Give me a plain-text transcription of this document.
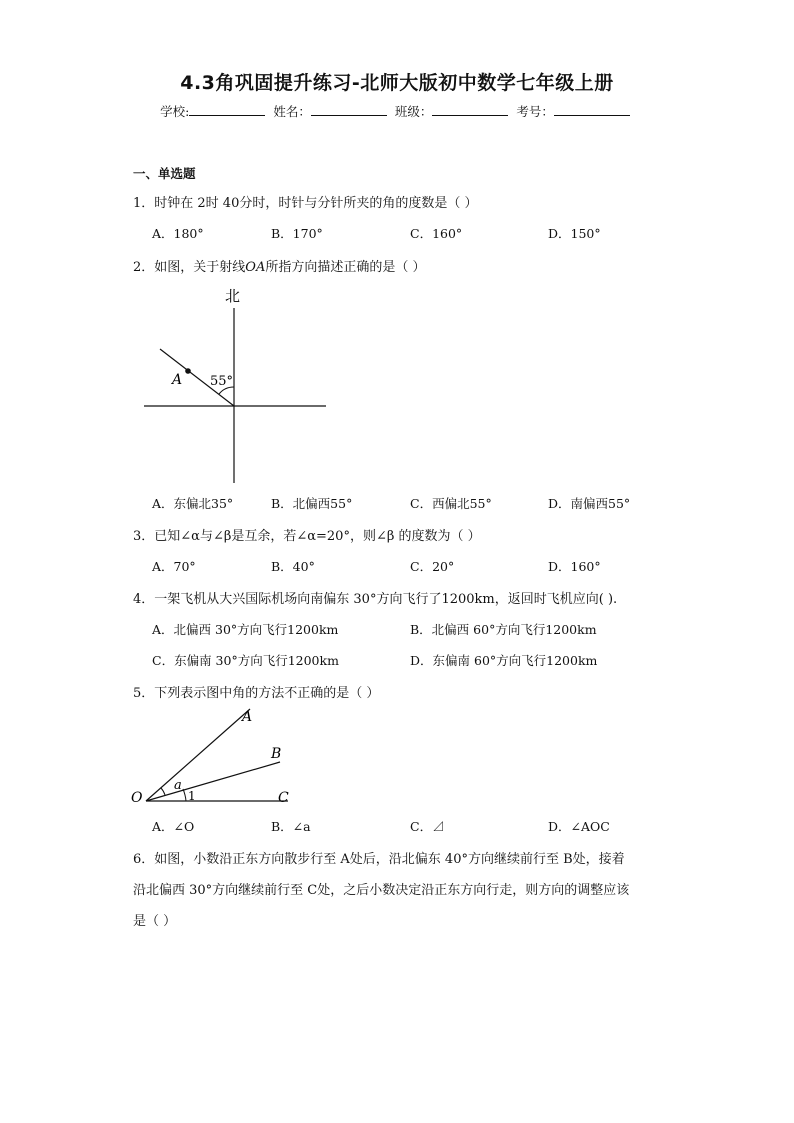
4.3角巩固提升练习-北师大版初中数学七年级上册
学校:	姓名：	班级：	考号：
一、单选题
1．时钟在 2时 40分时，时针与分针所夹的角的度数是（ ）
A．180°	B．170°	C．160°	D．150°
2．如图，关于射线OA所指方向描述正确的是（ ）
北
A 55°
A．东偏北35°	B．北偏西55°	C．西偏北55°	D．南偏西55°
3．已知∠α与∠β是互余，若∠α=20°，则∠β 的度数为（ ）
A．70°	B．40°	C．20°	D．160°
4．一架飞机从大兴国际机场向南偏东 30°方向飞行了1200km，返回时飞机应向( ).
A．北偏西 30°方向飞行1200km	B．北偏西 60°方向飞行1200km
C．东偏南 30°方向飞行1200km	D．东偏南 60°方向飞行1200km
5．下列表示图中角的方法不正确的是（ ）
A
B
C
O
a
1
A．∠O	B．∠a	C．⊿	D．∠AOC
6．如图，小数沿正东方向散步行至 A处后，沿北偏东 40°方向继续前行至 B处，接着
沿北偏西 30°方向继续前行至 C处，之后小数决定沿正东方向行走，则方向的调整应该
是（ ）
